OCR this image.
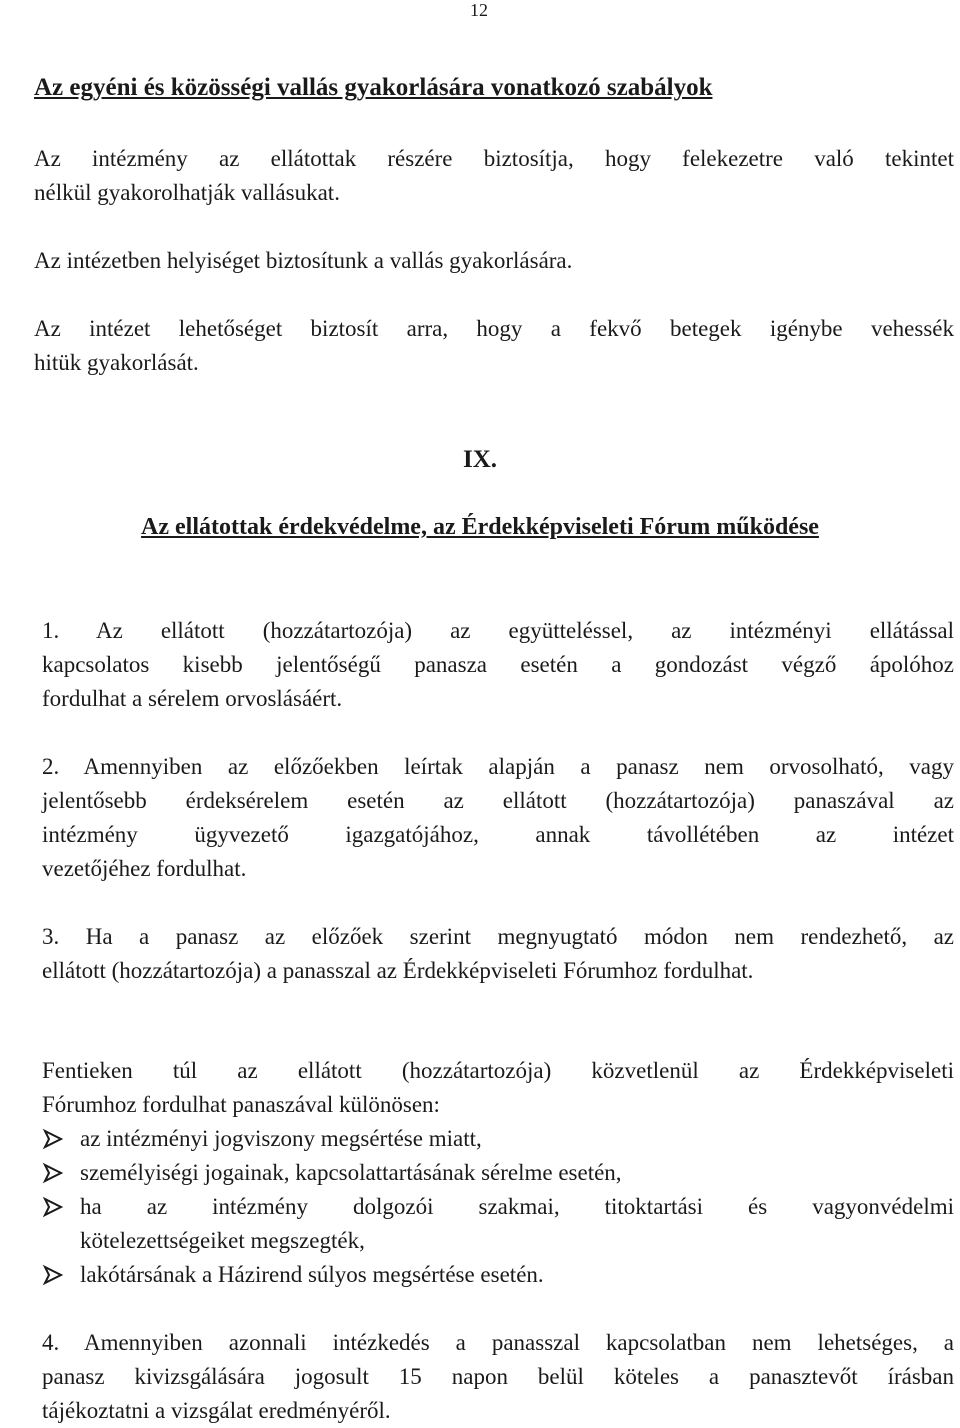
12
Az egyéni és közösségi vallás gyakorlására vonatkozó szabályok
Az intézmény az ellátottak részére biztosítja, hogy felekezetre való tekintet
nélkül gyakorolhatják vallásukat.
Az intézetben helyiséget biztosítunk a vallás gyakorlására.
Az intézet lehetőséget biztosít arra, hogy a fekvő betegek igénybe vehessék
hitük gyakorlását.
IX.
Az ellátottak érdekvédelme, az Érdekképviseleti Fórum működése
1. Az ellátott (hozzátartozója) az együtteléssel, az intézményi ellátással
kapcsolatos kisebb jelentőségű panasza esetén a gondozást végző ápolóhoz
fordulhat a sérelem orvoslásáért.
2. Amennyiben az előzőekben leírtak alapján a panasz nem orvosolható, vagy
jelentősebb érdeksérelem esetén az ellátott (hozzátartozója) panaszával az
intézmény ügyvezető igazgatójához, annak távollétében az intézet
vezetőjéhez fordulhat.
3. Ha a panasz az előzőek szerint megnyugtató módon nem rendezhető, az
ellátott (hozzátartozója) a panasszal az Érdekképviseleti Fórumhoz fordulhat.
Fentieken túl az ellátott (hozzátartozója) közvetlenül az Érdekképviseleti
Fórumhoz fordulhat panaszával különösen:
az intézményi jogviszony megsértése miatt,
személyiségi jogainak, kapcsolattartásának sérelme esetén,
ha az intézmény dolgozói szakmai, titoktartási és vagyonvédelmi
kötelezettségeiket megszegték,
lakótársának a Házirend súlyos megsértése esetén.
4. Amennyiben azonnali intézkedés a panasszal kapcsolatban nem lehetséges, a
panasz kivizsgálására jogosult 15 napon belül köteles a panasztevőt írásban
tájékoztatni a vizsgálat eredményéről.
